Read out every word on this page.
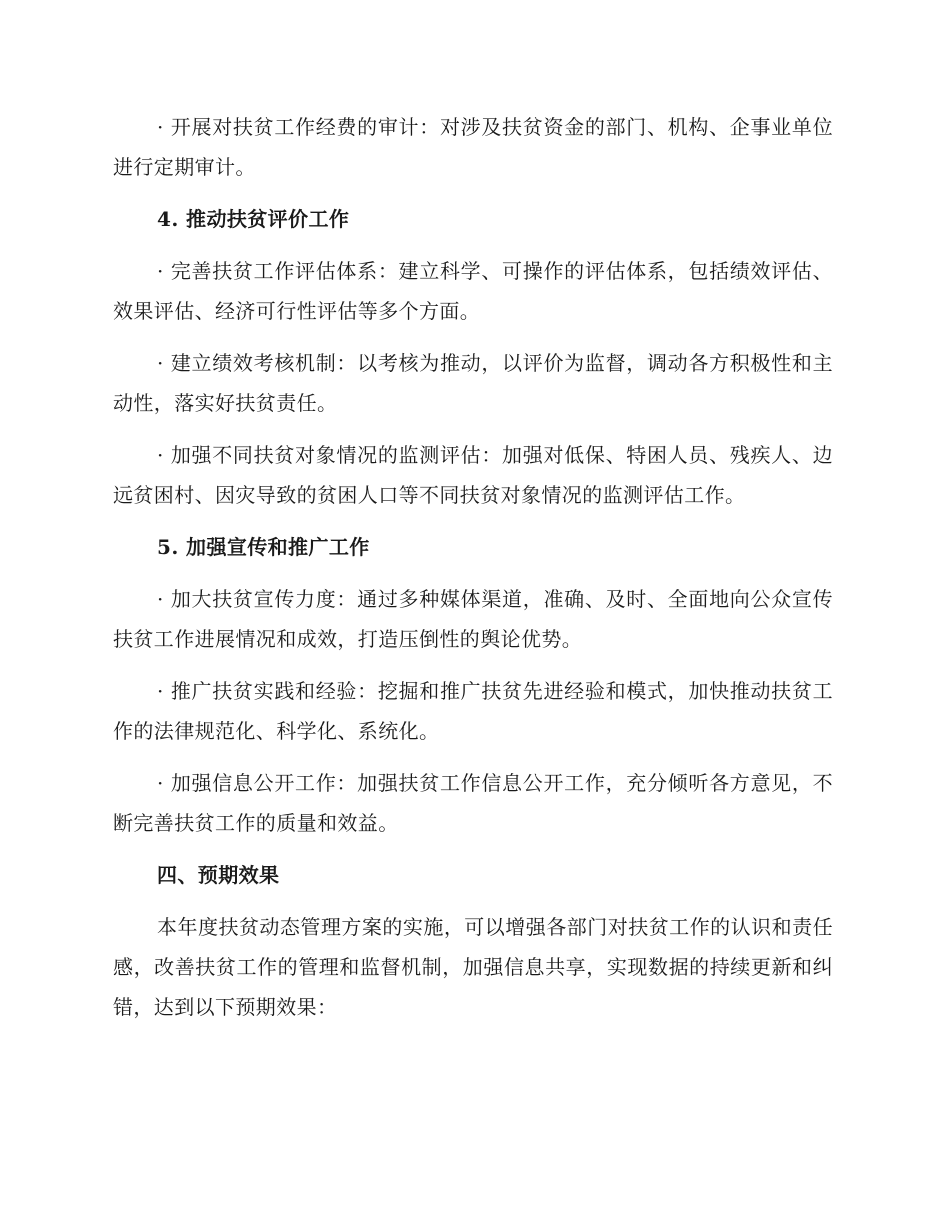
· 开展对扶贫工作经费的审计：对涉及扶贫资金的部门、机构、企事业单位进行定期审计。

4. 推动扶贫评价工作

· 完善扶贫工作评估体系：建立科学、可操作的评估体系，包括绩效评估、效果评估、经济可行性评估等多个方面。

· 建立绩效考核机制：以考核为推动，以评价为监督，调动各方积极性和主动性，落实好扶贫责任。

· 加强不同扶贫对象情况的监测评估：加强对低保、特困人员、残疾人、边远贫困村、因灾导致的贫困人口等不同扶贫对象情况的监测评估工作。

5. 加强宣传和推广工作

· 加大扶贫宣传力度：通过多种媒体渠道，准确、及时、全面地向公众宣传扶贫工作进展情况和成效，打造压倒性的舆论优势。

· 推广扶贫实践和经验：挖掘和推广扶贫先进经验和模式，加快推动扶贫工作的法律规范化、科学化、系统化。

· 加强信息公开工作：加强扶贫工作信息公开工作，充分倾听各方意见，不断完善扶贫工作的质量和效益。

四、预期效果

本年度扶贫动态管理方案的实施，可以增强各部门对扶贫工作的认识和责任感，改善扶贫工作的管理和监督机制，加强信息共享，实现数据的持续更新和纠错，达到以下预期效果：
